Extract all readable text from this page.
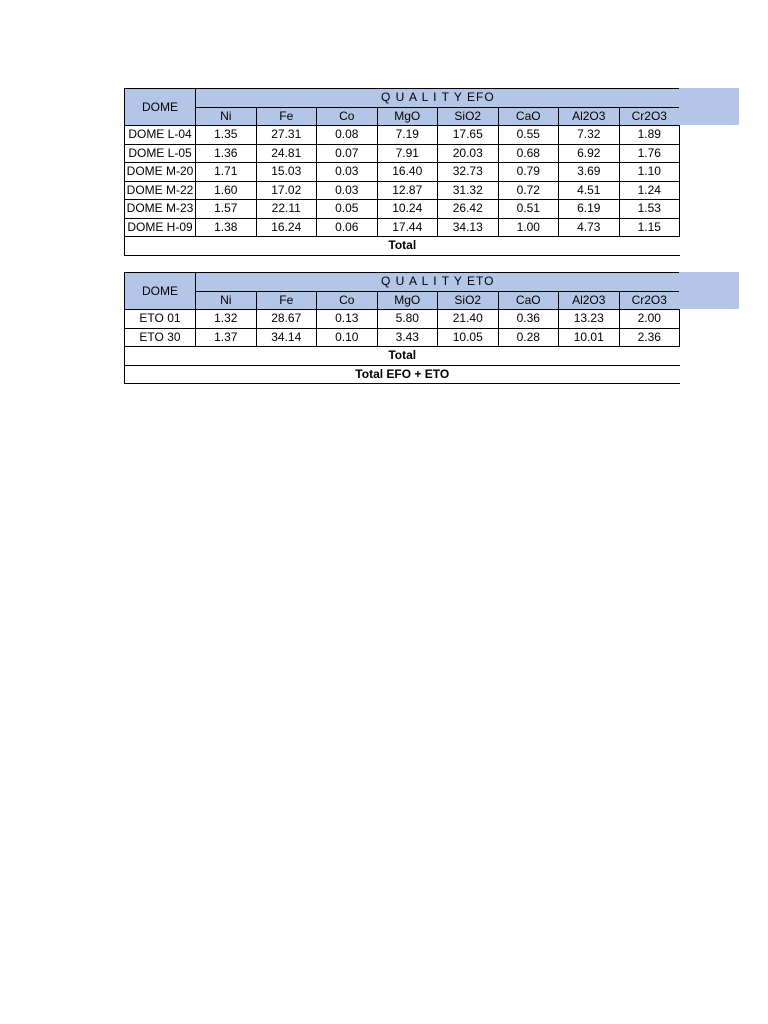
DOME	Q U A L I T Y EFO							
	Ni	Fe	Co	MgO	SiO2	CaO	Al2O3	Cr2O3
DOME L-04	1.35	27.31	0.08	7.19	17.65	0.55	7.32	1.89
DOME L-05	1.36	24.81	0.07	7.91	20.03	0.68	6.92	1.76
DOME M-20	1.71	15.03	0.03	16.40	32.73	0.79	3.69	1.10
DOME M-22	1.60	17.02	0.03	12.87	31.32	0.72	4.51	1.24
DOME M-23	1.57	22.11	0.05	10.24	26.42	0.51	6.19	1.53
DOME H-09	1.38	16.24	0.06	17.44	34.13	1.00	4.73	1.15
Total								
DOME	Q U A L I T Y ETO							
	Ni	Fe	Co	MgO	SiO2	CaO	Al2O3	Cr2O3
ETO 01	1.32	28.67	0.13	5.80	21.40	0.36	13.23	2.00
ETO 30	1.37	34.14	0.10	3.43	10.05	0.28	10.01	2.36
Total								
Total EFO + ETO								
